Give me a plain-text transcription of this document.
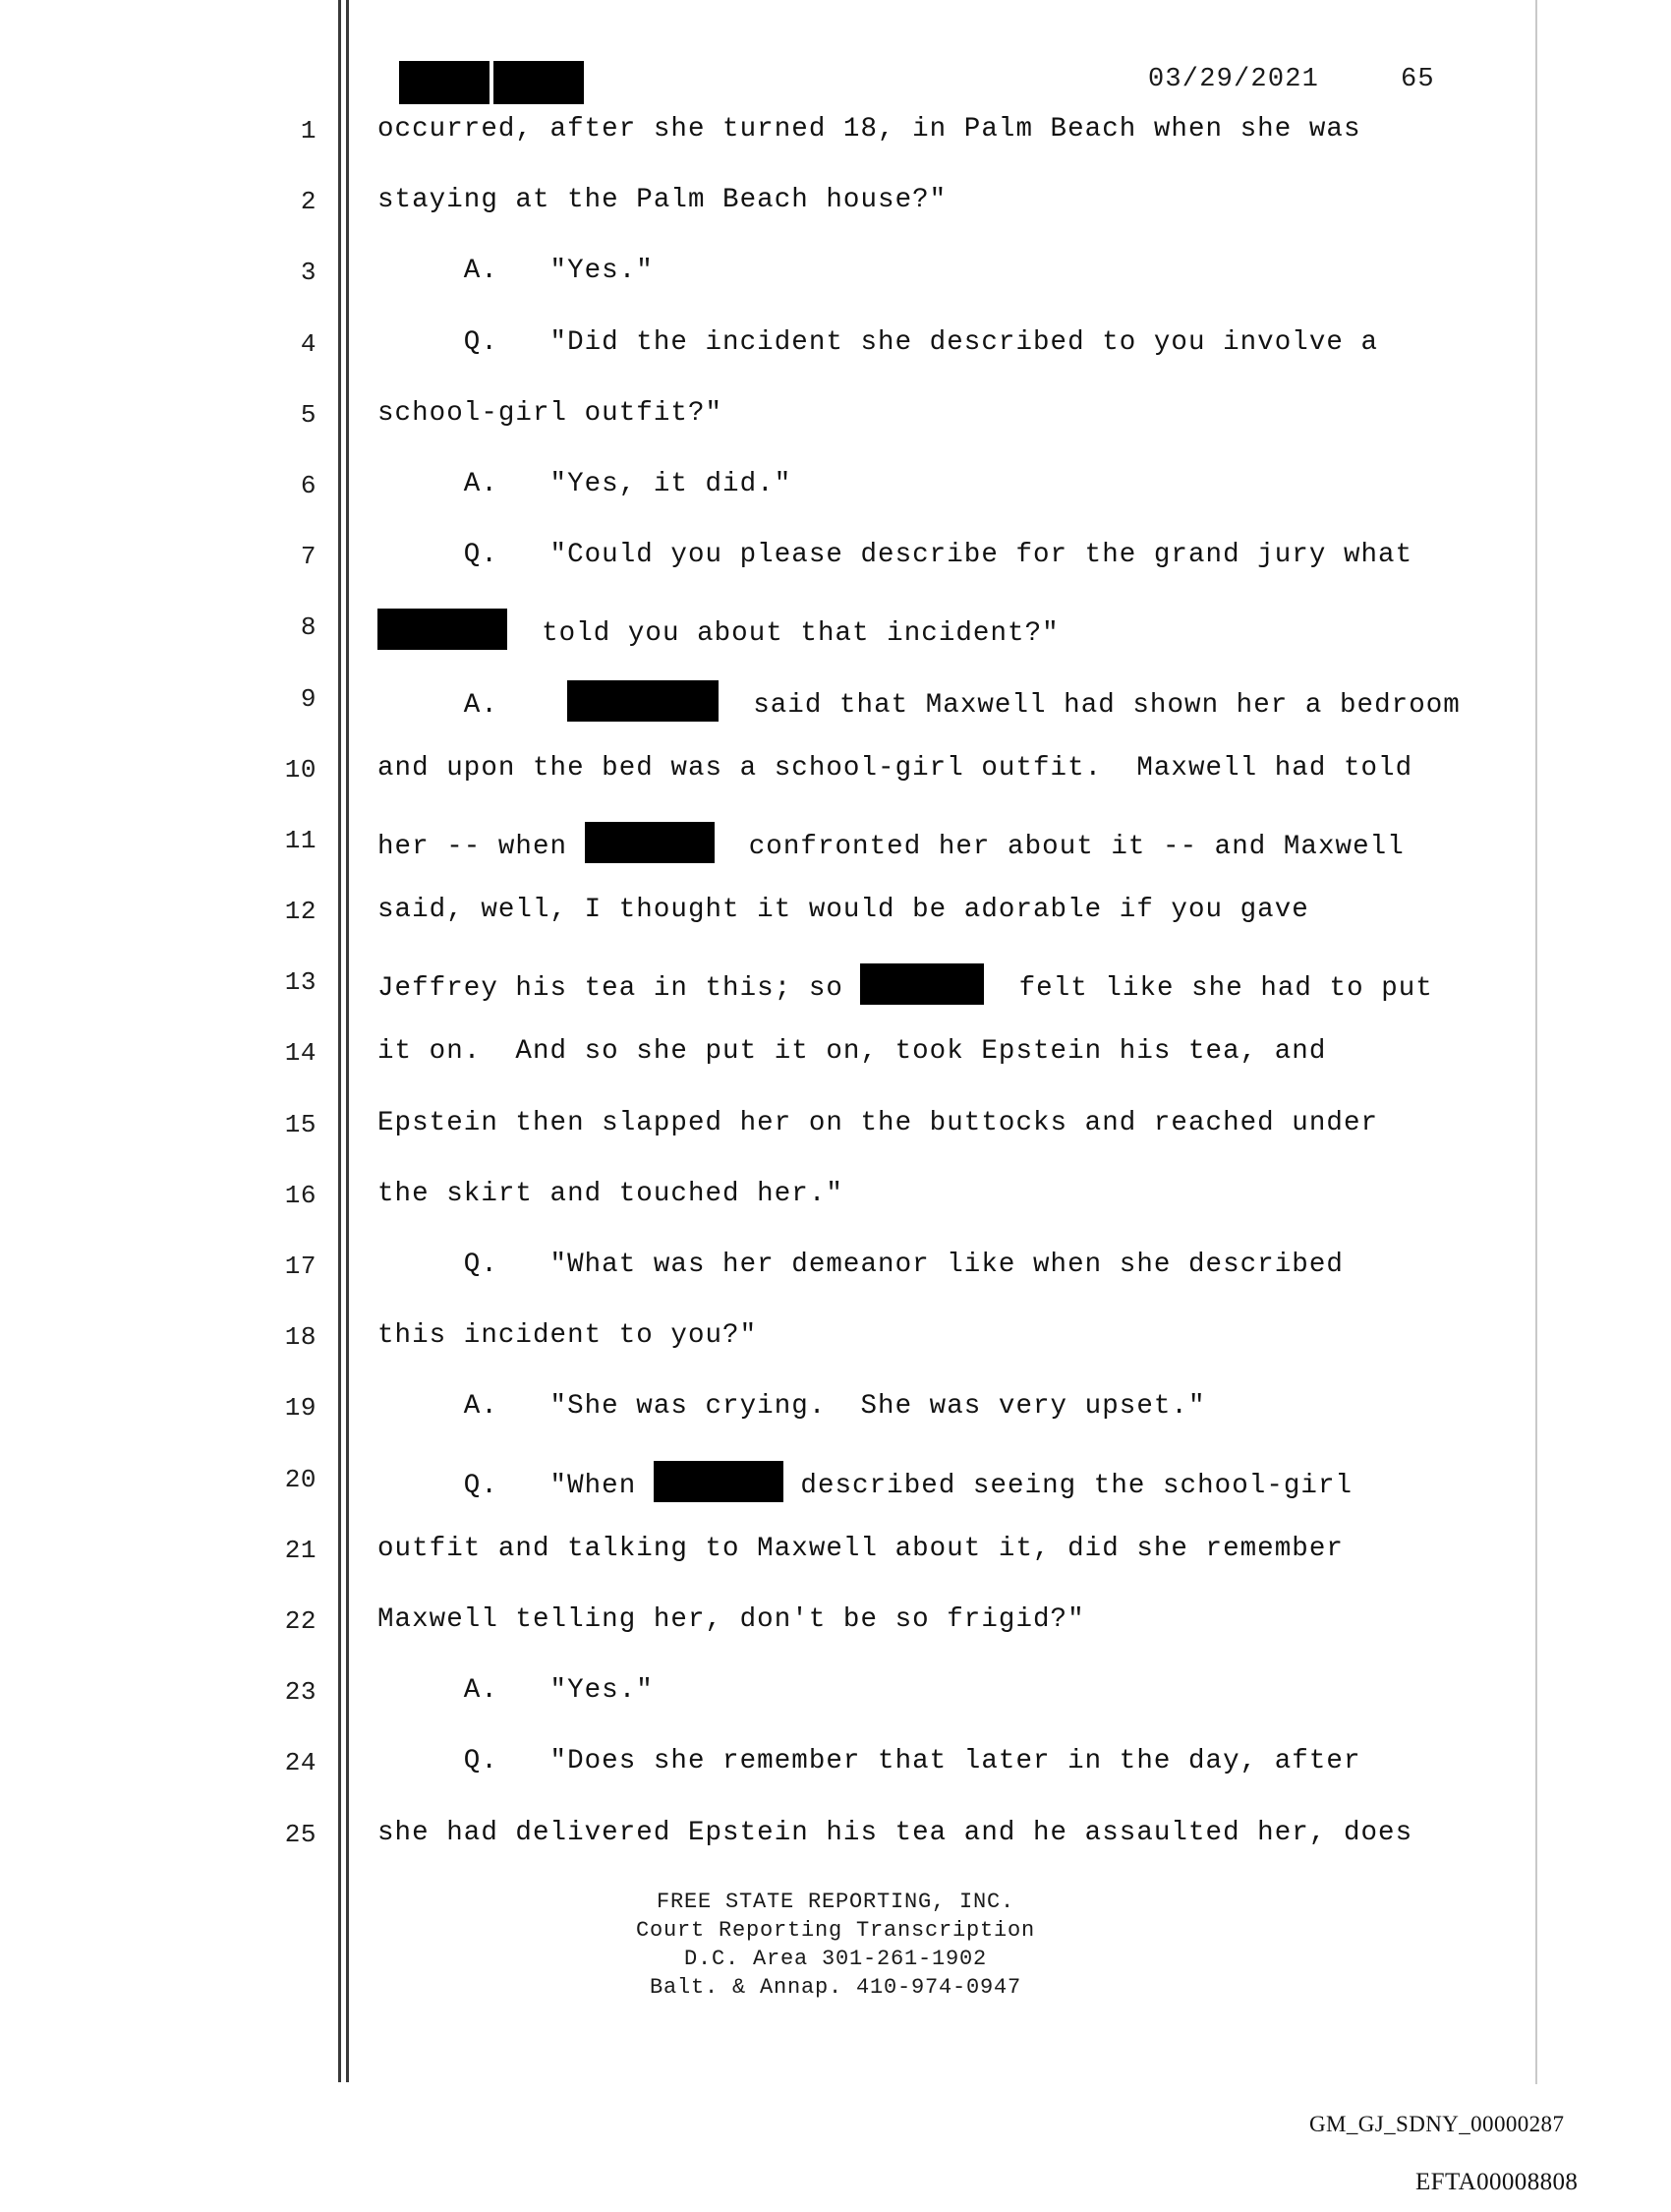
03/29/2021	65
1 occurred, after she turned 18, in Palm Beach when she was
2 staying at the Palm Beach house?"
3 A.   "Yes."
4 Q.   "Did the incident she described to you involve a
5 school-girl outfit?"
6 A.   "Yes, it did."
7 Q.   "Could you please describe for the grand jury what
8	told you about that incident?"
9 A.	said that Maxwell had shown her a bedroom
10 and upon the bed was a school-girl outfit.  Maxwell had told
11 her -- when	confronted her about it -- and Maxwell
12 said, well, I thought it would be adorable if you gave
13 Jeffrey his tea in this; so	felt like she had to put
14 it on.  And so she put it on, took Epstein his tea, and
15 Epstein then slapped her on the buttocks and reached under
16 the skirt and touched her."
17 Q.   "What was her demeanor like when she described
18 this incident to you?"
19 A.   "She was crying.  She was very upset."
20 Q.   "When	described seeing the school-girl
21 outfit and talking to Maxwell about it, did she remember
22 Maxwell telling her, don't be so frigid?"
23 A.   "Yes."
24 Q.   "Does she remember that later in the day, after
25 she had delivered Epstein his tea and he assaulted her, does
FREE STATE REPORTING, INC.
Court Reporting Transcription
D.C. Area 301-261-1902
Balt. & Annap. 410-974-0947
GM_GJ_SDNY_00000287
EFTA00008808
